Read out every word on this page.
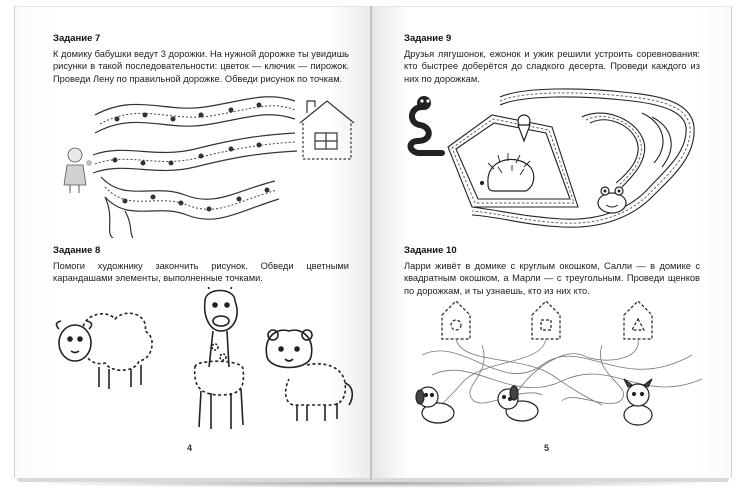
Задание 7

К домику бабушки ведут 3 дорожки. На нужной дорожке ты увидишь рисунки в такой последовательности: цветок — ключик — пирожок. Проведи Лену по правильной дорожке. Обведи рисунок по точкам.

Задание 8

Помоги художнику закончить рисунок. Обведи цветными карандашами элементы, выполненные точками.

4
Задание 9

Друзья лягушонок, ежонок и ужик решили устроить соревнования: кто быстрее доберётся до сладкого десерта. Проведи каждого из них по дорожкам.

Задание 10

Ларри живёт в домике с круглым окошком, Салли — в домике с квадратным окошком, а Марли — с треугольным. Проведи щенков по дорожкам, и ты узнаешь, кто из них кто.

5
